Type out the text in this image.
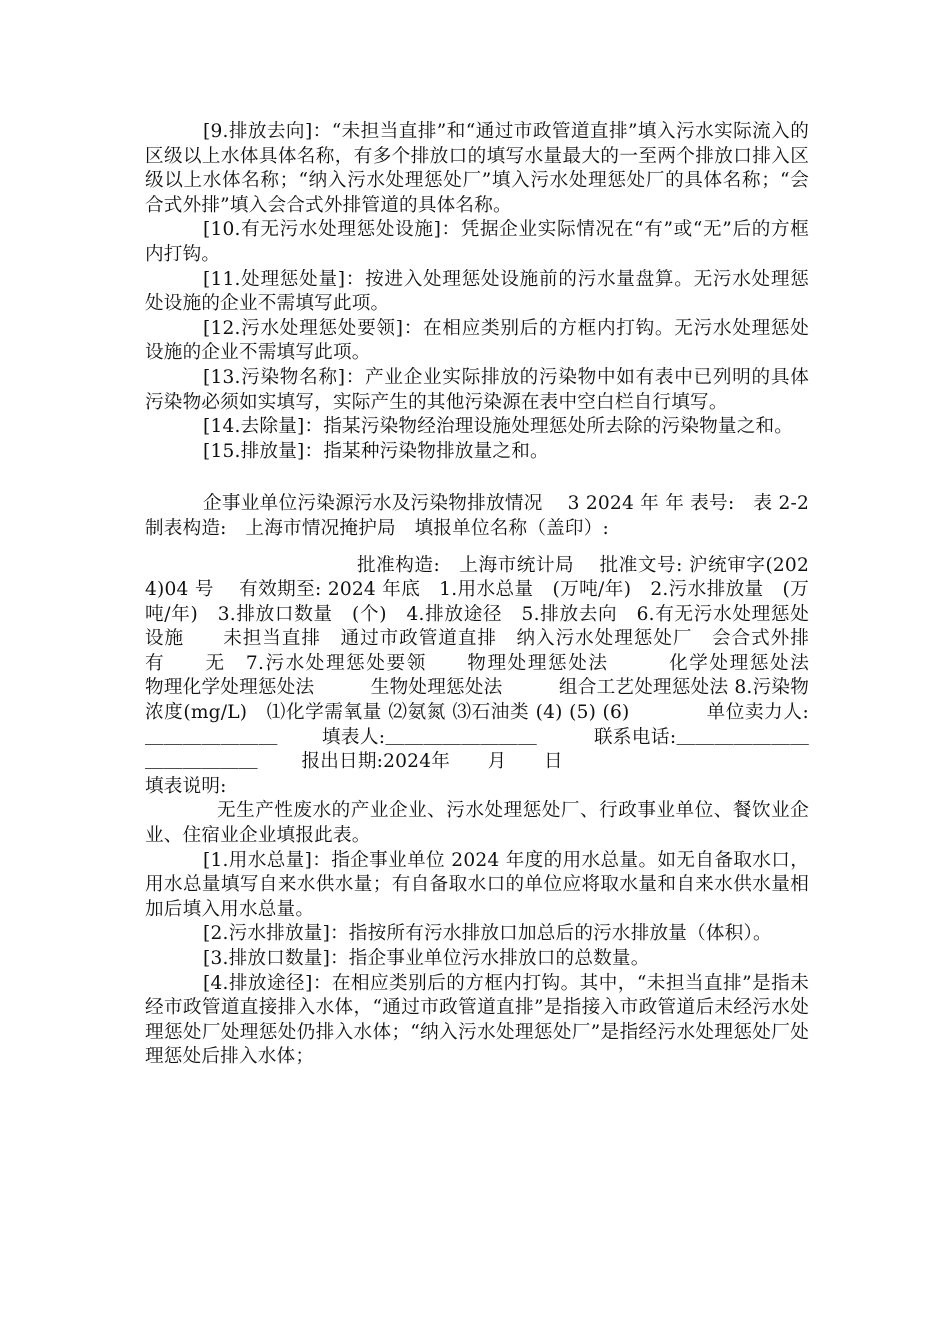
[9.排放去向]：“未担当直排”和“通过市政管道直排”填入污水实际流入的区级以上水体具体名称，有多个排放口的填写水量最大的一至两个排放口排入区级以上水体名称；“纳入污水处理惩处厂”填入污水处理惩处厂的具体名称；“会合式外排”填入会合式外排管道的具体名称。

[10.有无污水处理惩处设施]：凭据企业实际情况在“有”或“无”后的方框内打钩。

[11.处理惩处量]：按进入处理惩处设施前的污水量盘算。无污水处理惩处设施的企业不需填写此项。

[12.污水处理惩处要领]：在相应类别后的方框内打钩。无污水处理惩处设施的企业不需填写此项。

[13.污染物名称]：产业企业实际排放的污染物中如有表中已列明的具体污染物必须如实填写，实际产生的其他污染源在表中空白栏自行填写。

[14.去除量]：指某污染物经治理设施处理惩处所去除的污染物量之和。

[15.排放量]：指某种污染物排放量之和。

企事业单位污染源污水及污染物排放情况　 3 2024 年 年 表号:　表 2-2　 制表构造:　上海市情况掩护局　填报单位名称（盖印）:

批准构造:　上海市统计局　 批准文号: 沪统审字(2024)04 号　 有效期至: 2024 年底　1.用水总量　(万吨/年)　2.污水排放量　(万吨/年)　3.排放口数量　(个)　4.排放途径　5.排放去向　6.有无污水处理惩处设施　　未担当直排　通过市政管道直排　纳入污水处理惩处厂　会合式外排　 有　　无　7.污水处理惩处要领　　物理处理惩处法　　　化学处理惩处法　　物理化学处理惩处法　　　生物处理惩处法　　　组合工艺处理惩处法 8.污染物浓度(mg/L)　⑴化学需氧量 ⑵氨氮 ⑶石油类 (4) (5) (6)　　　　单位卖力人:＿＿＿＿＿＿＿　　 填表人:＿＿＿＿＿＿＿＿　　　联系电话:＿＿＿＿＿＿＿＿＿＿＿＿＿　　 报出日期:2024年　　月　　日

填表说明:

无生产性废水的产业企业、污水处理惩处厂、行政事业单位、餐饮业企业、住宿业企业填报此表。

[1.用水总量]：指企事业单位 2024 年度的用水总量。如无自备取水口，用水总量填写自来水供水量；有自备取水口的单位应将取水量和自来水供水量相加后填入用水总量。

[2.污水排放量]：指按所有污水排放口加总后的污水排放量（体积）。

[3.排放口数量]：指企事业单位污水排放口的总数量。

[4.排放途径]：在相应类别后的方框内打钩。其中，“未担当直排”是指未经市政管道直接排入水体，“通过市政管道直排”是指接入市政管道后未经污水处理惩处厂处理惩处仍排入水体；“纳入污水处理惩处厂”是指经污水处理惩处厂处理惩处后排入水体；
